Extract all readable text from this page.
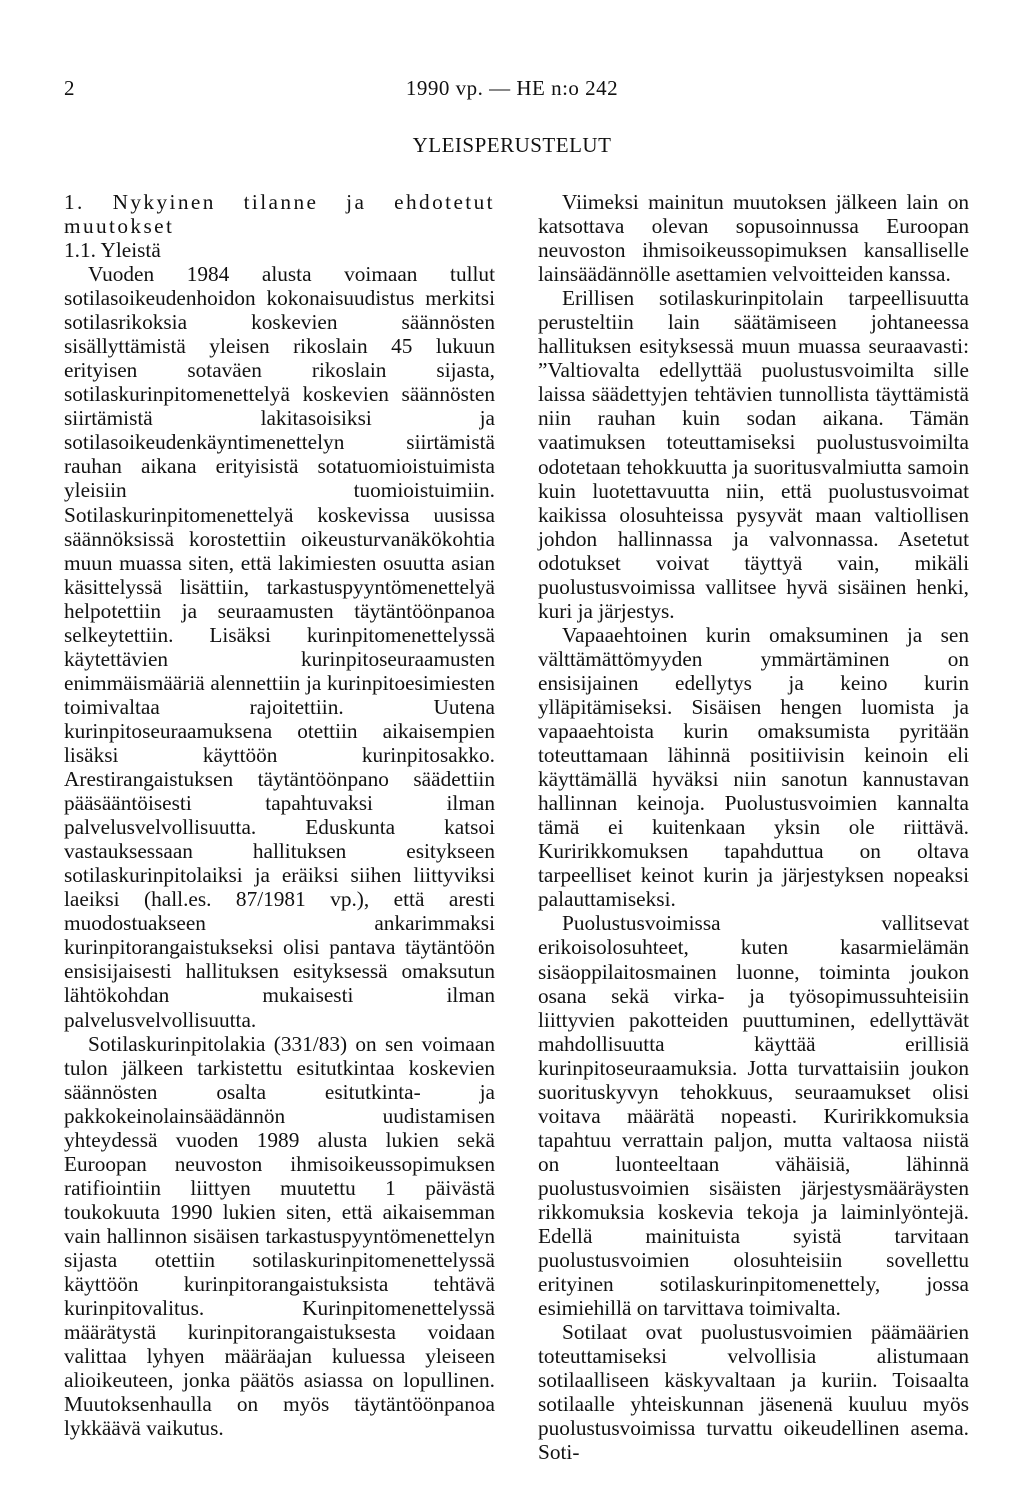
2	1990 vp. — HE n:o 242
YLEISPERUSTELUT

1. Nykyinen tilanne ja ehdotetut muutokset

1.1. Yleistä

Vuoden 1984 alusta voimaan tullut sotilasoikeudenhoidon kokonaisuudistus merkitsi sotilasrikoksia koskevien säännösten sisällyttämistä yleisen rikoslain 45 lukuun erityisen sotaväen rikoslain sijasta, sotilaskurinpitomenettelyä koskevien säännösten siirtämistä lakitasoisiksi ja sotilasoikeudenkäyntimenettelyn siirtämistä rauhan aikana erityisistä sotatuomioistuimista yleisiin tuomioistuimiin. Sotilaskurinpitomenettelyä koskevissa uusissa säännöksissä korostettiin oikeusturvanäkökohtia muun muassa siten, että lakimiesten osuutta asian käsittelyssä lisättiin, tarkastuspyyntömenettelyä helpotettiin ja seuraamusten täytäntöönpanoa selkeytettiin. Lisäksi kurinpitomenettelyssä käytettävien kurinpitoseuraamusten enimmäismääriä alennettiin ja kurinpitoesimiesten toimivaltaa rajoitettiin. Uutena kurinpitoseuraamuksena otettiin aikaisempien lisäksi käyttöön kurinpitosakko. Arestirangaistuksen täytäntöönpano säädettiin pääsääntöisesti tapahtuvaksi ilman palvelusvelvollisuutta. Eduskunta katsoi vastauksessaan hallituksen esitykseen sotilaskurinpitolaiksi ja eräiksi siihen liittyviksi laeiksi (hall.es. 87/1981 vp.), että aresti muodostuakseen ankarimmaksi kurinpitorangaistukseksi olisi pantava täytäntöön ensisijaisesti hallituksen esityksessä omaksutun lähtökohdan mukaisesti ilman palvelusvelvollisuutta.

Sotilaskurinpitolakia (331/83) on sen voimaan tulon jälkeen tarkistettu esitutkintaa koskevien säännösten osalta esitutkinta- ja pakkokeinolainsäädännön uudistamisen yhteydessä vuoden 1989 alusta lukien sekä Euroopan neuvoston ihmisoikeussopimuksen ratifiointiin liittyen muutettu 1 päivästä toukokuuta 1990 lukien siten, että aikaisemman vain hallinnon sisäisen tarkastuspyyntömenettelyn sijasta otettiin sotilaskurinpitomenettelyssä käyttöön kurinpitorangaistuksista tehtävä kurinpitovalitus. Kurinpitomenettelyssä määrätystä kurinpitorangaistuksesta voidaan valittaa lyhyen määräajan kuluessa yleiseen alioikeuteen, jonka päätös asiassa on lopullinen. Muutoksenhaulla on myös täytäntöönpanoa lykkäävä vaikutus.

Viimeksi mainitun muutoksen jälkeen lain on katsottava olevan sopusoinnussa Euroopan neuvoston ihmisoikeussopimuksen kansalliselle lainsäädännölle asettamien velvoitteiden kanssa.

Erillisen sotilaskurinpitolain tarpeellisuutta perusteltiin lain säätämiseen johtaneessa hallituksen esityksessä muun muassa seuraavasti: ”Valtiovalta edellyttää puolustusvoimilta sille laissa säädettyjen tehtävien tunnollista täyttämistä niin rauhan kuin sodan aikana. Tämän vaatimuksen toteuttamiseksi puolustusvoimilta odotetaan tehokkuutta ja suoritusvalmiutta samoin kuin luotettavuutta niin, että puolustusvoimat kaikissa olosuhteissa pysyvät maan valtiollisen johdon hallinnassa ja valvonnassa. Asetetut odotukset voivat täyttyä vain, mikäli puolustusvoimissa vallitsee hyvä sisäinen henki, kuri ja järjestys.

Vapaaehtoinen kurin omaksuminen ja sen välttämättömyyden ymmärtäminen on ensisijainen edellytys ja keino kurin ylläpitämiseksi. Sisäisen hengen luomista ja vapaaehtoista kurin omaksumista pyritään toteuttamaan lähinnä positiivisin keinoin eli käyttämällä hyväksi niin sanotun kannustavan hallinnan keinoja. Puolustusvoimien kannalta tämä ei kuitenkaan yksin ole riittävä. Kuririkkomuksen tapahduttua on oltava tarpeelliset keinot kurin ja järjestyksen nopeaksi palauttamiseksi.

Puolustusvoimissa vallitsevat erikoisolosuhteet, kuten kasarmielämän sisäoppilaitosmainen luonne, toiminta joukon osana sekä virka- ja työsopimussuhteisiin liittyvien pakotteiden puuttuminen, edellyttävät mahdollisuutta käyttää erillisiä kurinpitoseuraamuksia. Jotta turvattaisiin joukon suorituskyvyn tehokkuus, seuraamukset olisi voitava määrätä nopeasti. Kuririkkomuksia tapahtuu verrattain paljon, mutta valtaosa niistä on luonteeltaan vähäisiä, lähinnä puolustusvoimien sisäisten järjestysmääräysten rikkomuksia koskevia tekoja ja laiminlyöntejä. Edellä mainituista syistä tarvitaan puolustusvoimien olosuhteisiin sovellettu erityinen sotilaskurinpitomenettely, jossa esimiehillä on tarvittava toimivalta.

Sotilaat ovat puolustusvoimien päämäärien toteuttamiseksi velvollisia alistumaan sotilaalliseen käskyvaltaan ja kuriin. Toisaalta sotilaalle yhteiskunnan jäsenenä kuuluu myös puolustusvoimissa turvattu oikeudellinen asema. Soti-
